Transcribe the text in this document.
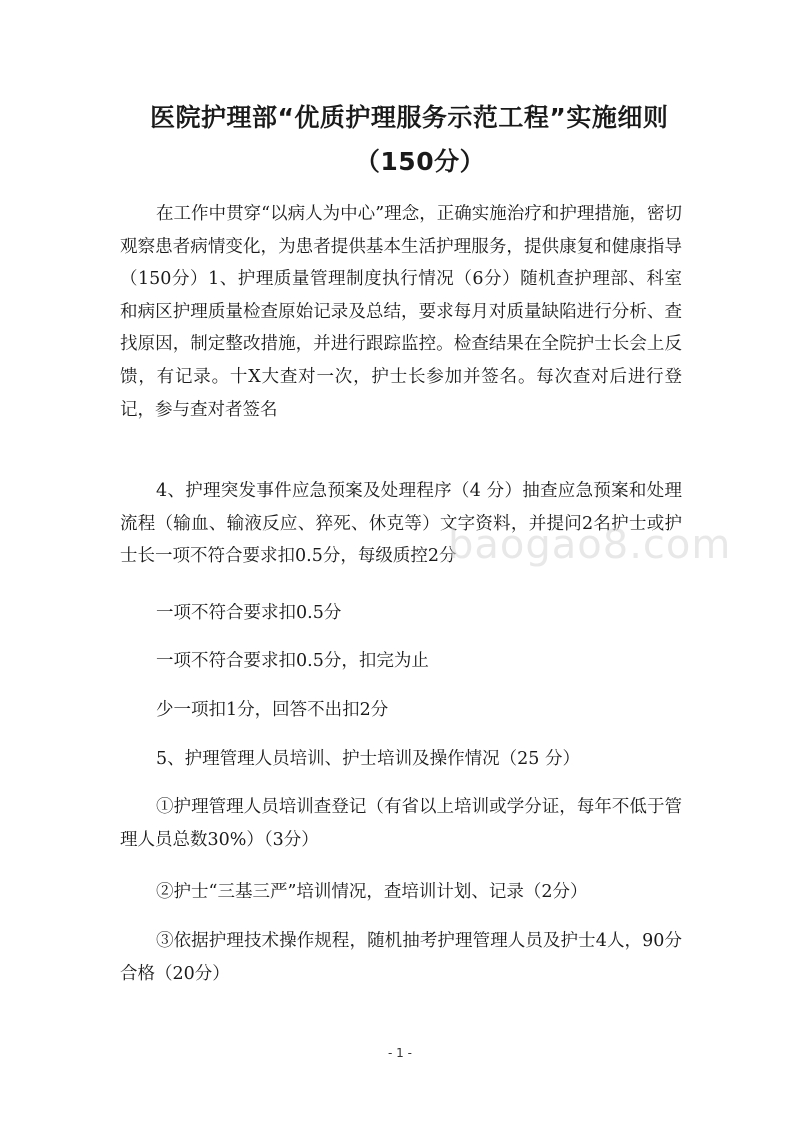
医院护理部“优质护理服务示范工程”实施细则
（150分）
在工作中贯穿“以病人为中心”理念，正确实施治疗和护理措施，密切观察患者病情变化，为患者提供基本生活护理服务，提供康复和健康指导（150分）1、护理质量管理制度执行情况（6分）随机查护理部、科室和病区护理质量检查原始记录及总结，要求每月对质量缺陷进行分析、查找原因，制定整改措施，并进行跟踪监控。检查结果在全院护士长会上反馈，有记录。十X大查对一次，护士长参加并签名。每次查对后进行登记，参与查对者签名
4、护理突发事件应急预案及处理程序（4 分）抽查应急预案和处理流程（输血、输液反应、猝死、休克等）文字资料，并提问2名护士或护士长一项不符合要求扣0.5分，每级质控2分
一项不符合要求扣0.5分
一项不符合要求扣0.5分，扣完为止
少一项扣1分，回答不出扣2分
5、护理管理人员培训、护士培训及操作情况（25 分）
①护理管理人员培训查登记（有省以上培训或学分证，每年不低于管理人员总数30%）（3分）
②护士“三基三严”培训情况，查培训计划、记录（2分）
③依据护理技术操作规程，随机抽考护理管理人员及护士4人，90分合格（20分）
baogao8.com
- 1 -
